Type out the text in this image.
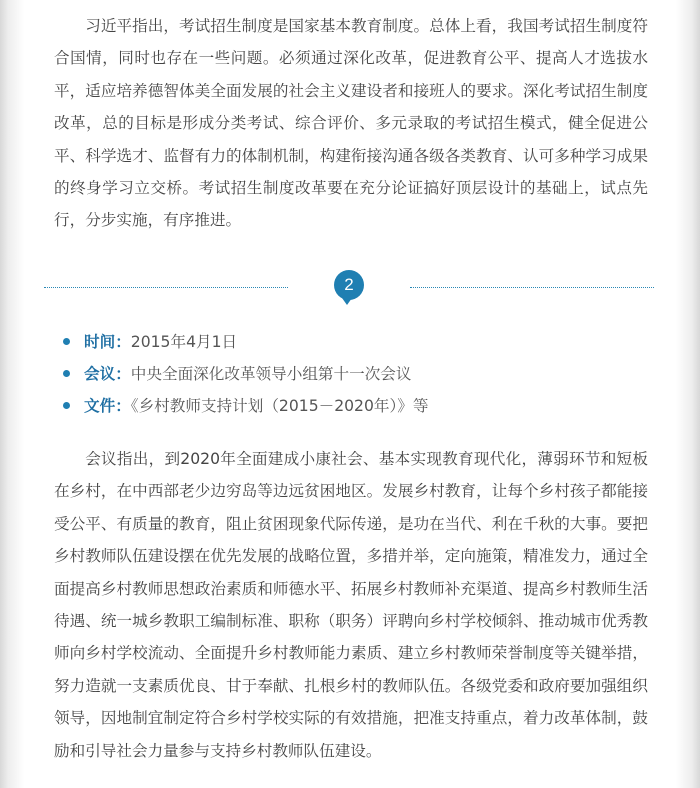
习近平指出，考试招生制度是国家基本教育制度。总体上看，我国考试招生制度符合国情，同时也存在一些问题。必须通过深化改革，促进教育公平、提高人才选拔水平，适应培养德智体美全面发展的社会主义建设者和接班人的要求。深化考试招生制度改革，总的目标是形成分类考试、综合评价、多元录取的考试招生模式，健全促进公平、科学选才、监督有力的体制机制，构建衔接沟通各级各类教育、认可多种学习成果的终身学习立交桥。考试招生制度改革要在充分论证搞好顶层设计的基础上，试点先行，分步实施，有序推进。

2
时间：2015年4月1日
会议：中央全面深化改革领导小组第十一次会议
文件：《乡村教师支持计划（2015－2020年）》等

会议指出，到2020年全面建成小康社会、基本实现教育现代化，薄弱环节和短板在乡村，在中西部老少边穷岛等边远贫困地区。发展乡村教育，让每个乡村孩子都能接受公平、有质量的教育，阻止贫困现象代际传递，是功在当代、利在千秋的大事。要把乡村教师队伍建设摆在优先发展的战略位置，多措并举，定向施策，精准发力，通过全面提高乡村教师思想政治素质和师德水平、拓展乡村教师补充渠道、提高乡村教师生活待遇、统一城乡教职工编制标准、职称（职务）评聘向乡村学校倾斜、推动城市优秀教师向乡村学校流动、全面提升乡村教师能力素质、建立乡村教师荣誉制度等关键举措，努力造就一支素质优良、甘于奉献、扎根乡村的教师队伍。各级党委和政府要加强组织领导，因地制宜制定符合乡村学校实际的有效措施，把准支持重点，着力改革体制，鼓励和引导社会力量参与支持乡村教师队伍建设。
